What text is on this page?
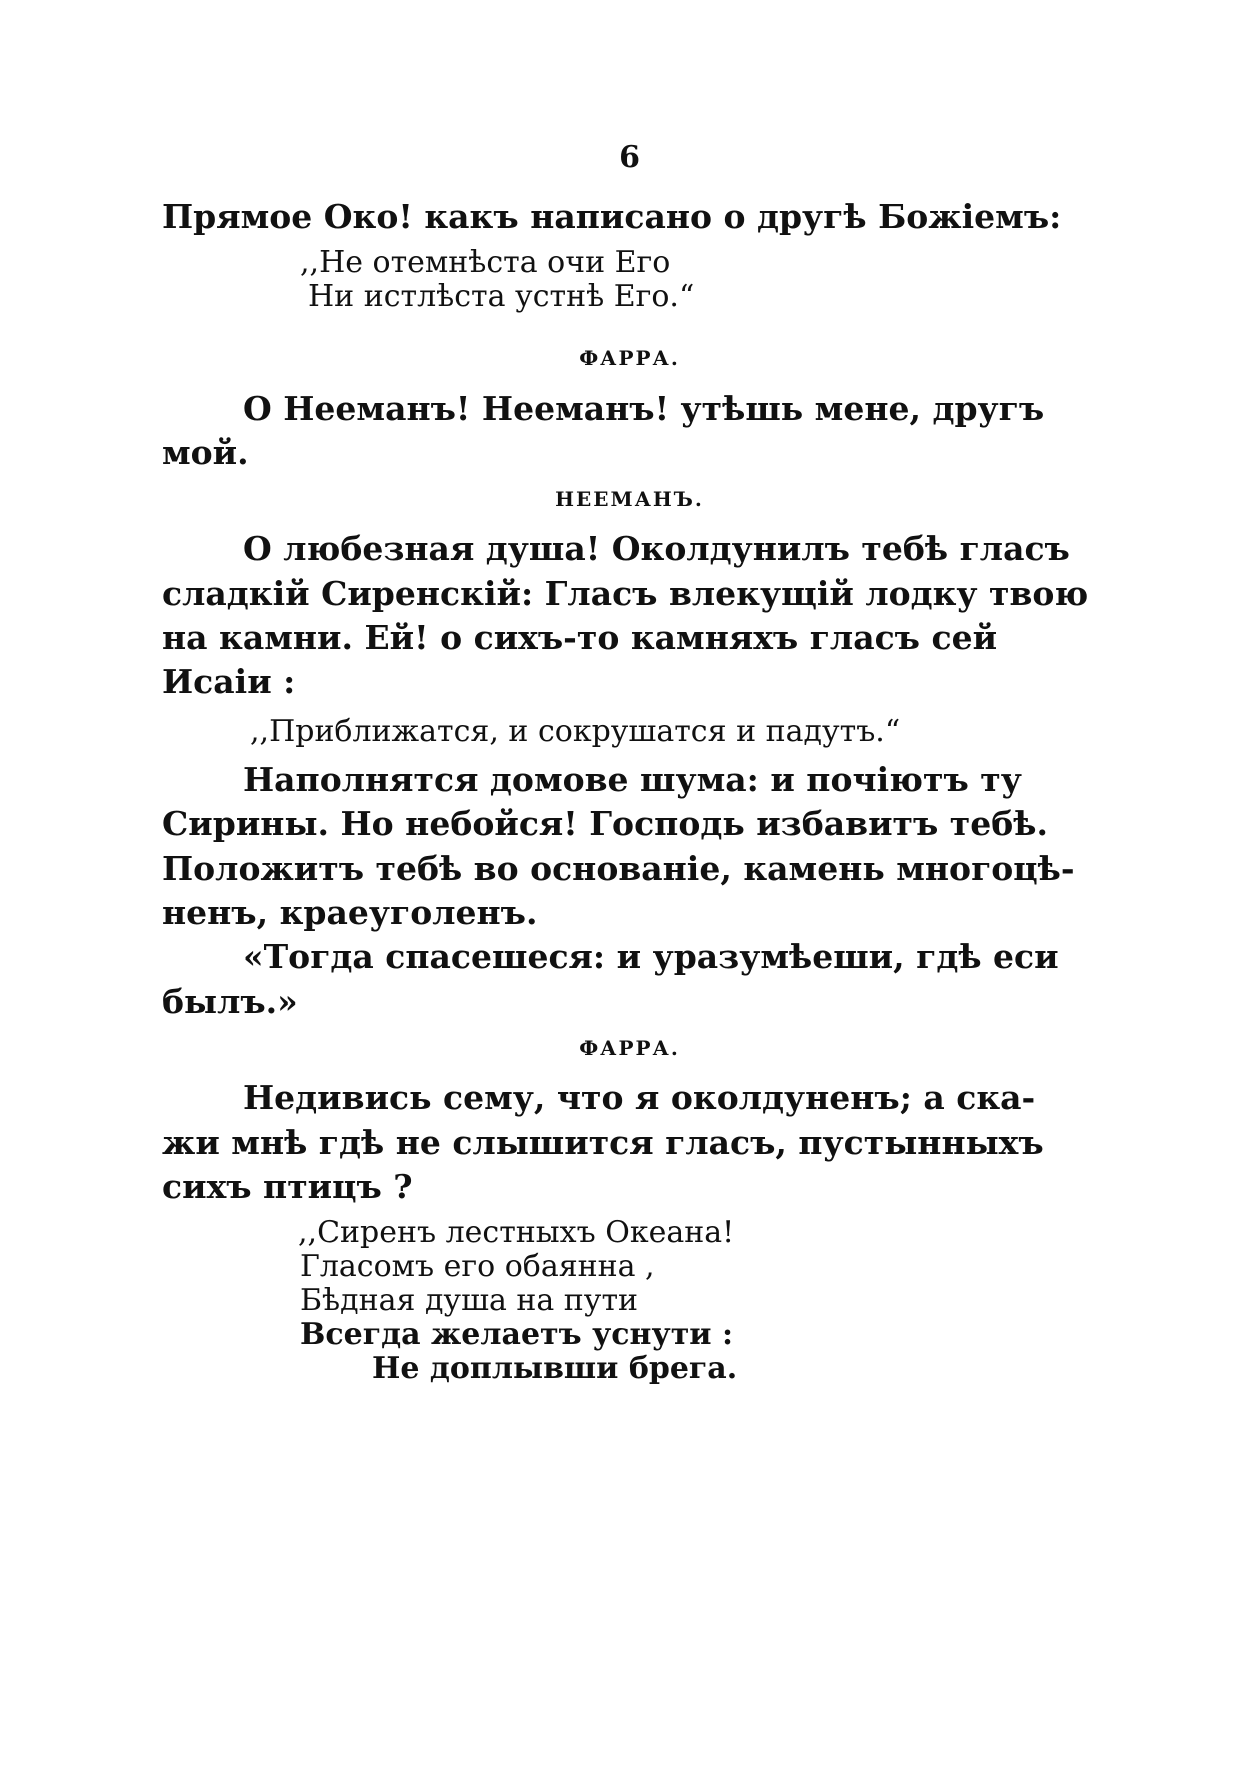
6
Прямое Око! какъ написано о другѣ Божіемъ:
,,Не отемнѣста очи Его
Ни истлѣста устнѣ Его.“
ФАРРА.
О Нееманъ! Нееманъ! утѣшь мене, другъ
мой.
НЕЕМАНЪ.
О любезная душа! Околдунилъ тебѣ гласъ
сладкій Сиренскій: Гласъ влекущій лодку твою
на камни. Ей! о сихъ-то камняхъ гласъ сей
Исаіи :
,,Приближатся, и сокрушатся и падутъ.“
Наполнятся домове шума: и почіютъ ту
Сирины. Но небойся! Господь избавитъ тебѣ.
Положитъ тебѣ во основаніе, камень многоцѣ-
ненъ, краеуголенъ.
«Тогда спасешеся: и уразумѣеши, гдѣ еси
былъ.»
ФАРРА.
Недивись сему, что я околдуненъ; а ска-
жи мнѣ гдѣ не слышится гласъ, пустынныхъ
сихъ птицъ ?
,,Сиренъ лестныхъ Океана!
Гласомъ его обаянна ,
Бѣдная душа на пути
Всегда желаетъ уснути :
Не доплывши брега.
